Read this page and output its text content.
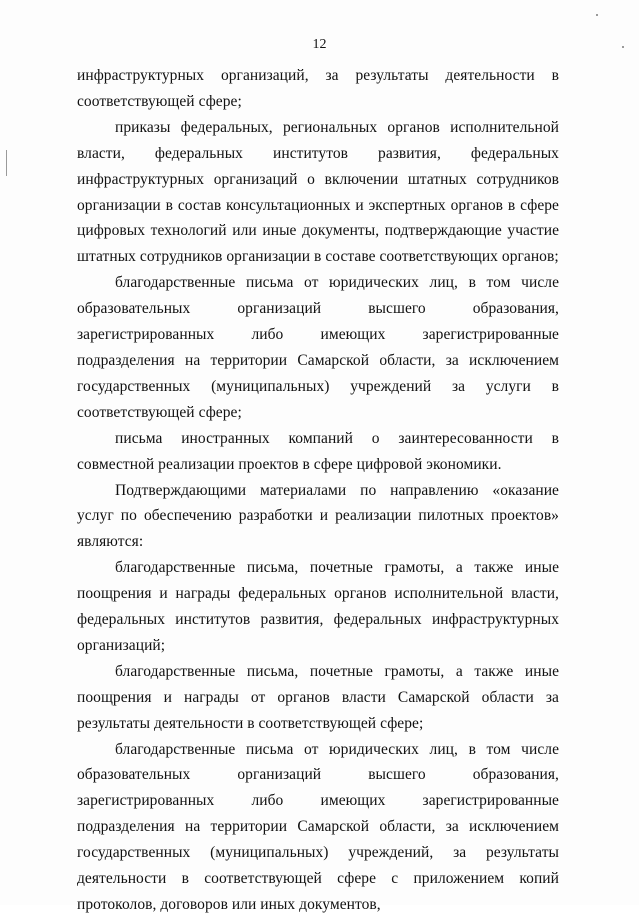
12

инфраструктурных организаций, за результаты деятельности в соответствующей сфере;

приказы федеральных, региональных органов исполнительной власти, федеральных институтов развития, федеральных инфраструктурных организаций о включении штатных сотрудников организации в состав консультационных и экспертных органов в сфере цифровых технологий или иные документы, подтверждающие участие штатных сотрудников организации в составе соответствующих органов;

благодарственные письма от юридических лиц, в том числе образовательных организаций высшего образования, зарегистрированных либо имеющих зарегистрированные подразделения на территории Самарской области, за исключением государственных (муниципальных) учреждений за услуги в соответствующей сфере;

письма иностранных компаний о заинтересованности в совместной реализации проектов в сфере цифровой экономики.

Подтверждающими материалами по направлению «оказание услуг по обеспечению разработки и реализации пилотных проектов» являются:

благодарственные письма, почетные грамоты, а также иные поощрения и награды федеральных органов исполнительной власти, федеральных институтов развития, федеральных инфраструктурных организаций;

благодарственные письма, почетные грамоты, а также иные поощрения и награды от органов власти Самарской области за результаты деятельности в соответствующей сфере;

благодарственные письма от юридических лиц, в том числе образовательных организаций высшего образования, зарегистрированных либо имеющих зарегистрированные подразделения на территории Самарской области, за исключением государственных (муниципальных) учреждений, за результаты деятельности в соответствующей сфере с приложением копий протоколов, договоров или иных документов,
